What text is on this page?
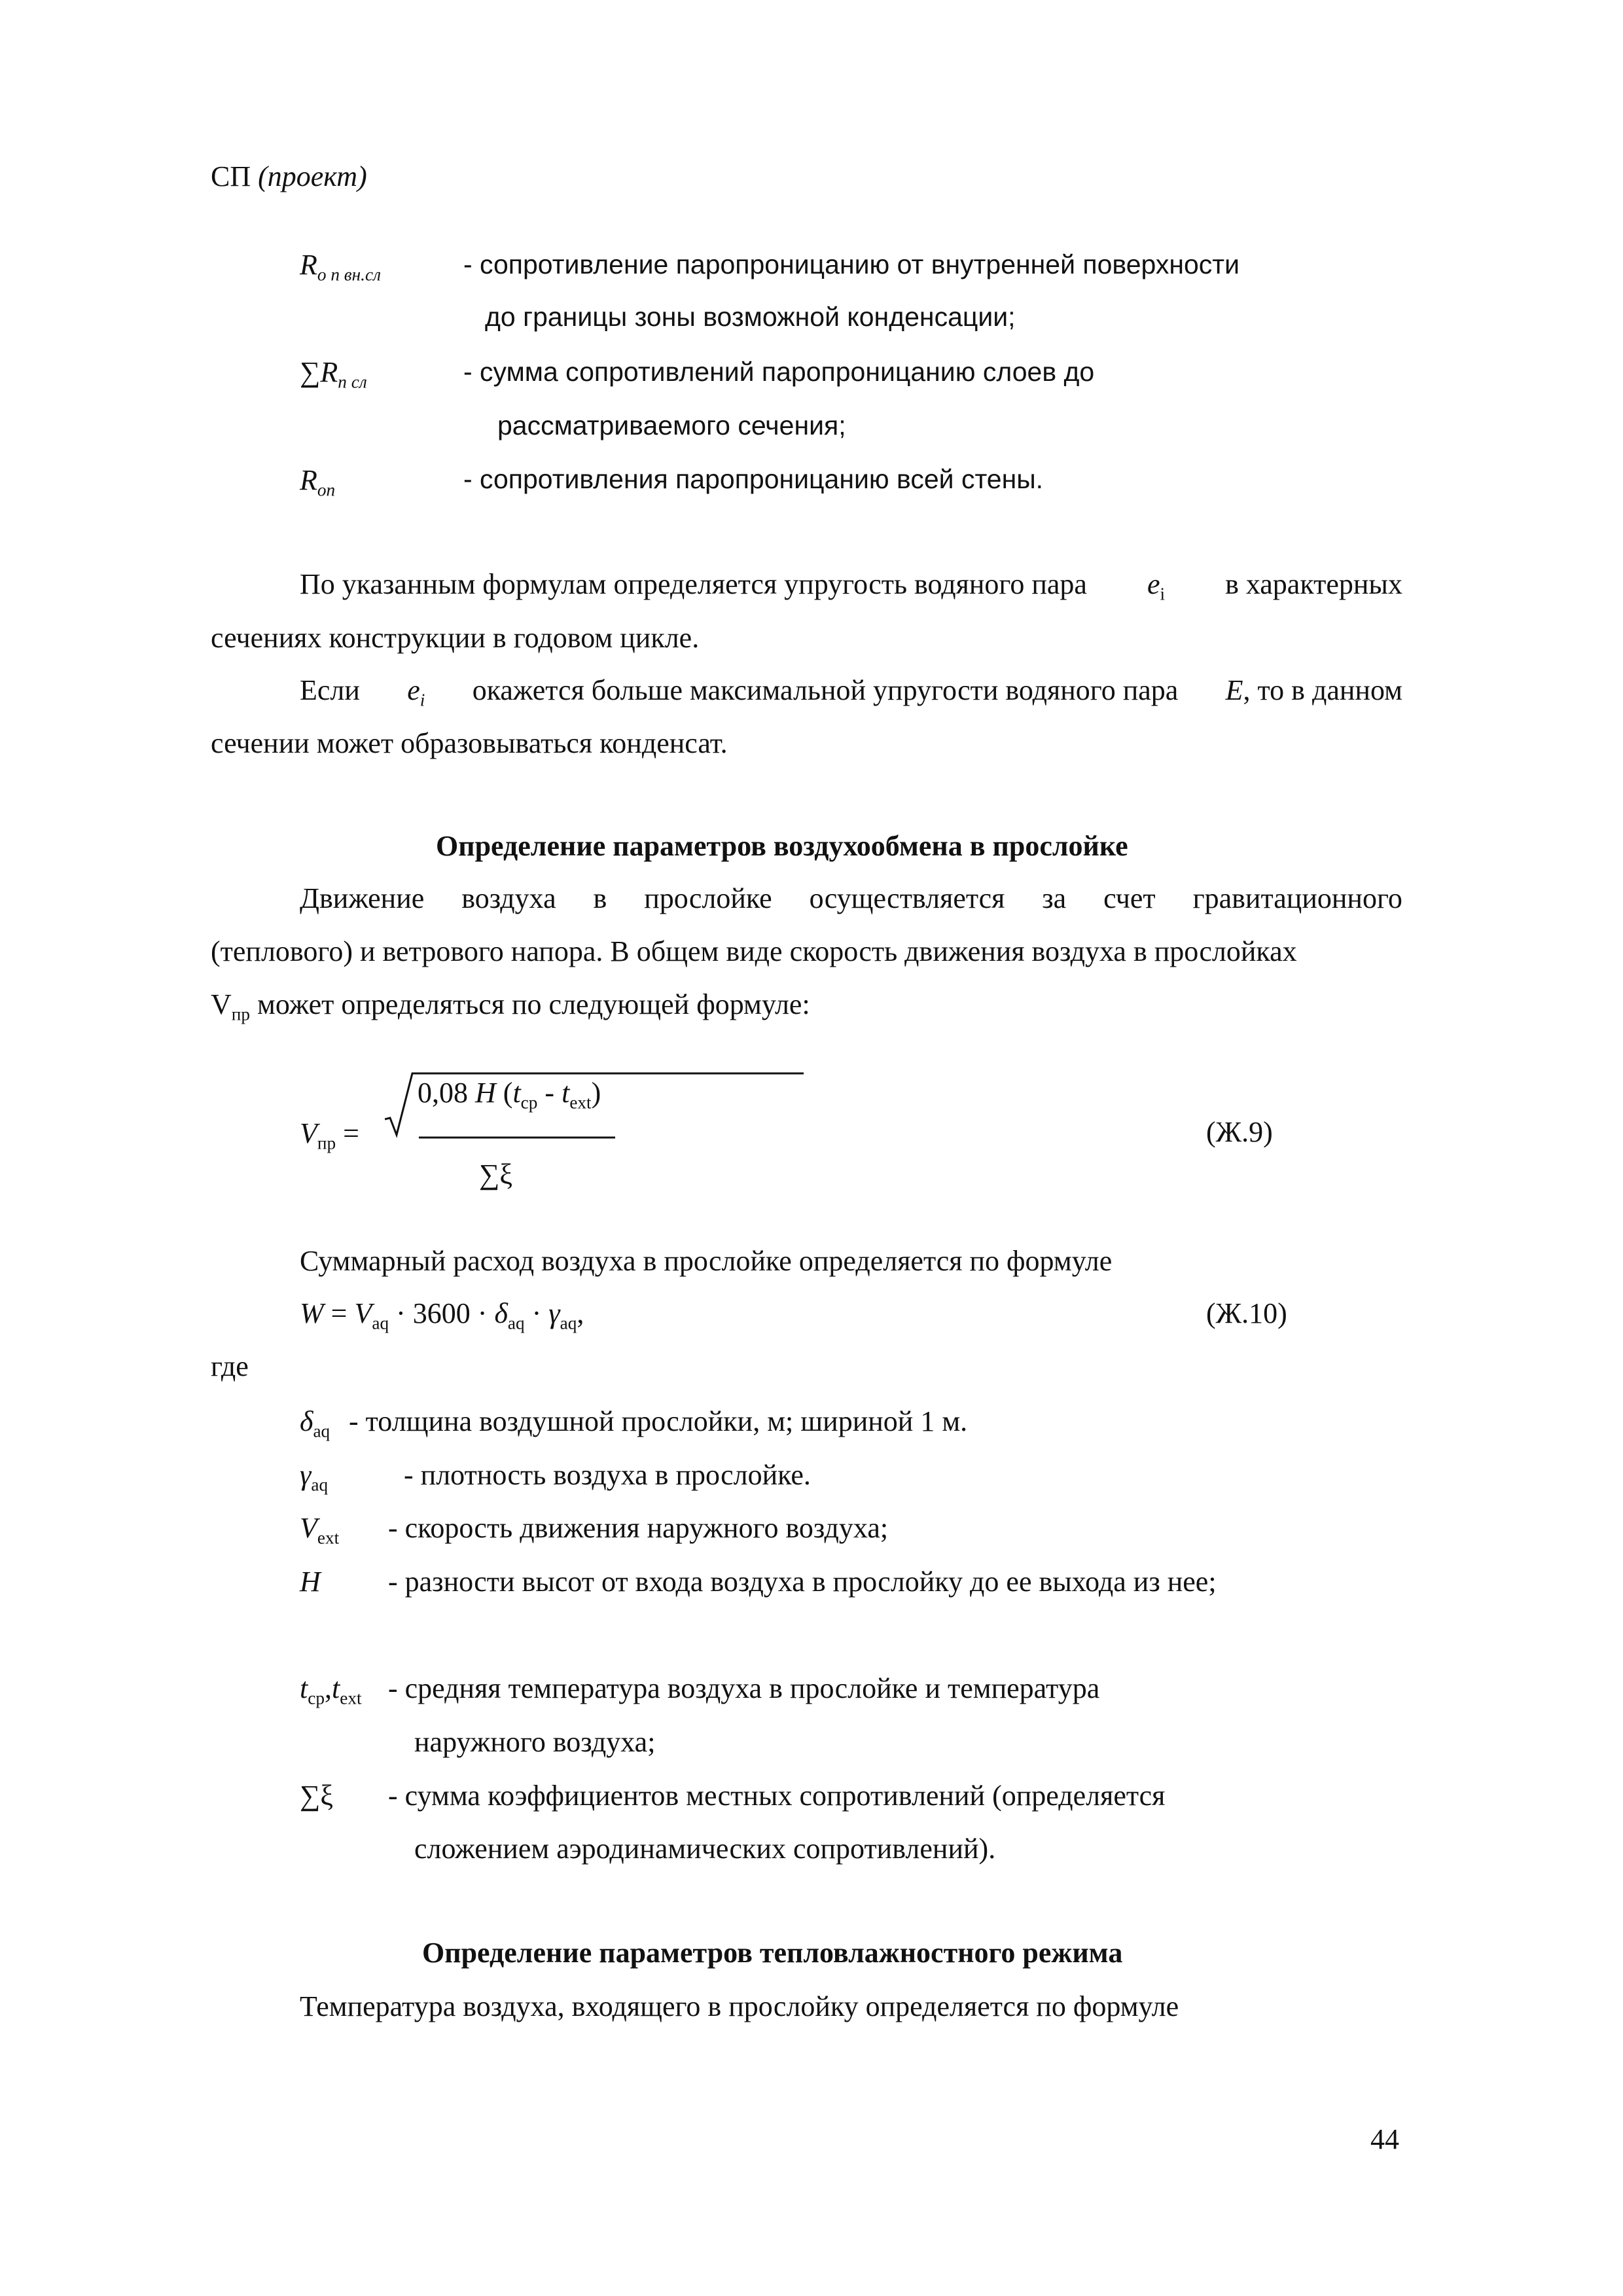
СП (проект)
$R_{о п вн.сл}$	- сопротивление паропроницанию от внутренней поверхности
до границы зоны возможной конденсации;
$\sum R_{п сл}$	- сумма сопротивлений паропроницанию слоев до
рассматриваемого сечения;
$R_{оп}$	- сопротивления паропроницанию всей стены.
По указанным формулам определяется упругость водяного пара $e_i$ в характерных
сечениях конструкции в годовом цикле.
Если $e_i$ окажется больше максимальной упругости водяного пара E, то в данном
сечении может образовываться конденсат.
Определение параметров воздухообмена в прослойке
Движение воздуха в прослойке осуществляется за счет гравитационного
(теплового) и ветрового напора. В общем виде скорость движения воздуха в прослойках
$V_{пр}$ может определяться по следующей формуле:
$V_{пр}$ =
0,08 H $(t_{ср} - t_{ext})$
∑ξ
(Ж.9)
Суммарный расход воздуха в прослойке определяется по формуле
$W = V_{aq} \cdot 3600 \cdot \delta_{aq} \cdot \gamma_{aq}$,	(Ж.10)
где
$\delta_{aq}$ - толщина воздушной прослойки, м; шириной 1 м.
$\gamma_{aq}$	- плотность воздуха в прослойке.
$V_{ext}$ - скорость движения наружного воздуха;
H - разности высот от входа воздуха в прослойку до ее выхода из нее;
$t_{ср},t_{ext}$ - средняя температура воздуха в прослойке и температура
наружного воздуха;
∑ξ - сумма коэффициентов местных сопротивлений (определяется
сложением аэродинамических сопротивлений).
Определение параметров тепловлажностного режима
Температура воздуха, входящего в прослойку определяется по формуле
44
